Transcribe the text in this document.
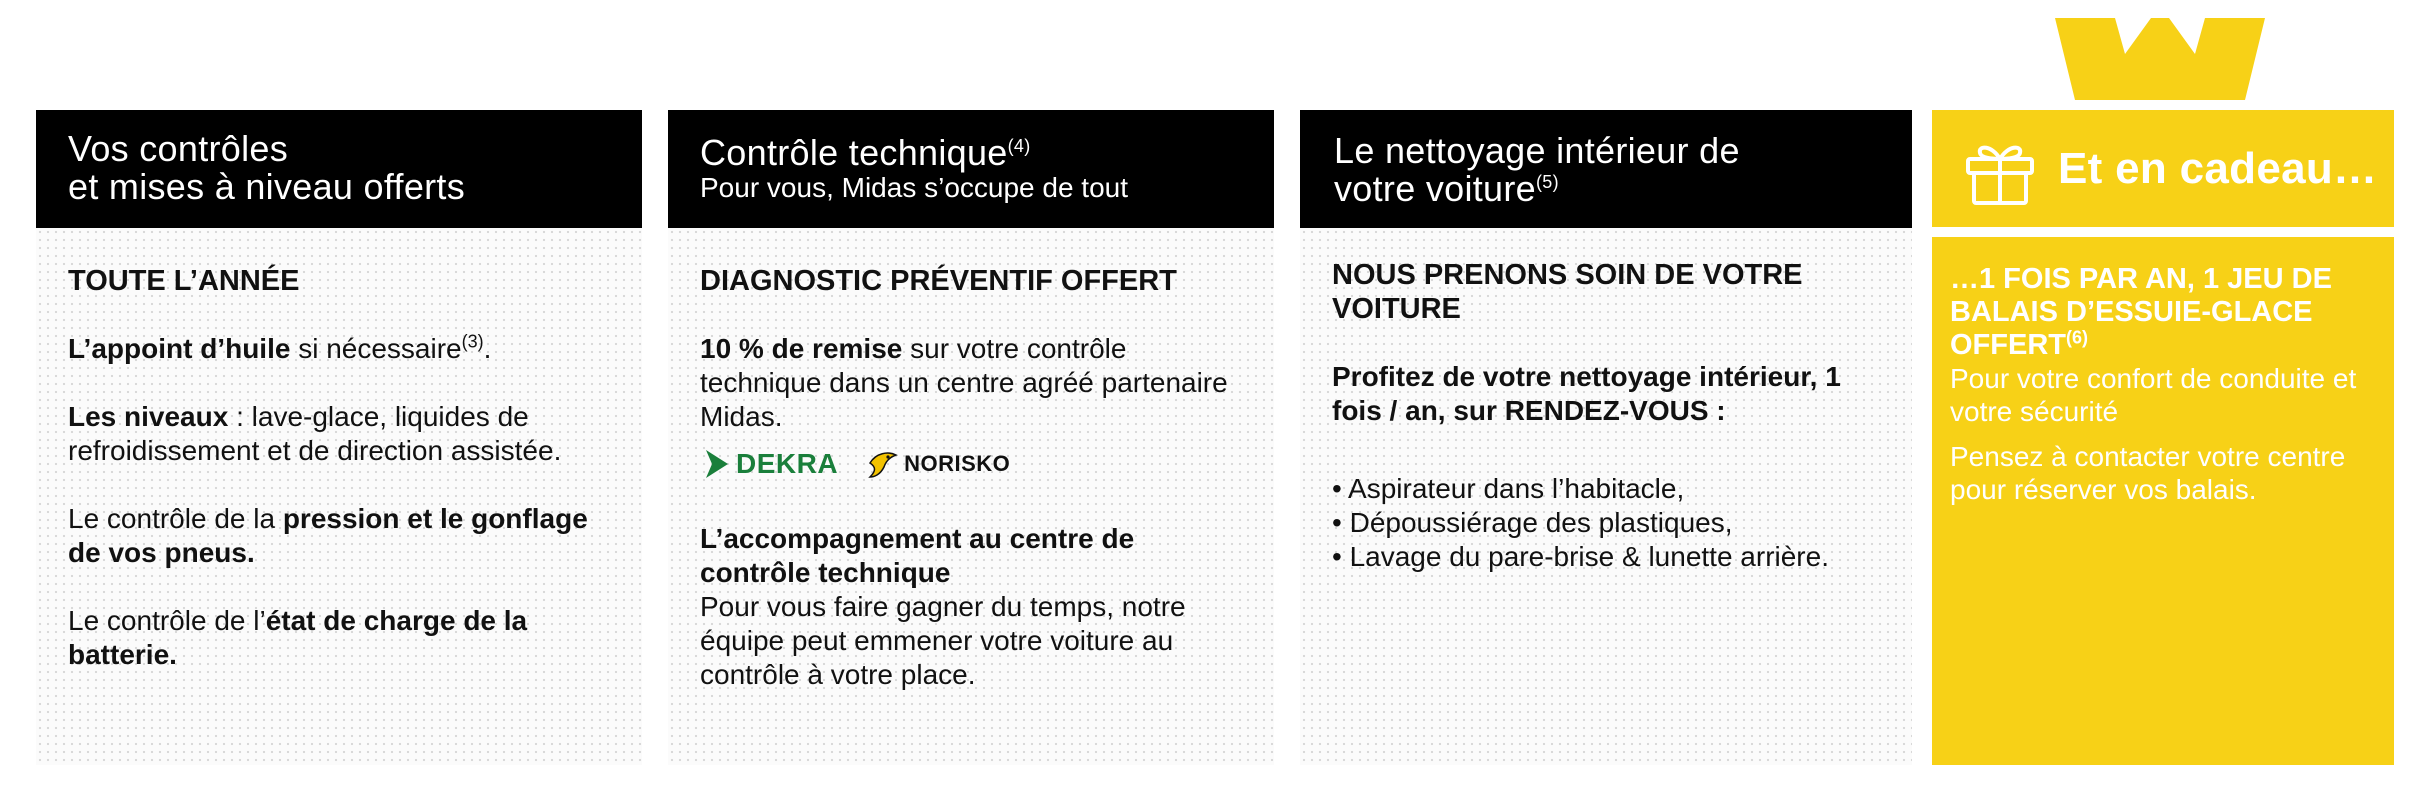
Vos contrôles
et mises à niveau offerts
TOUTE L’ANNÉE

L’appoint d’huile si nécessaire$^{(3)}$.

Les niveaux : lave-glace, liquides de refroidissement et de direction assistée.

Le contrôle de la pression et le gonflage de vos pneus.

Le contrôle de l’état de charge de la batterie.

Contrôle technique$^{(4)}$
Pour vous, Midas s’occupe de tout
DIAGNOSTIC PRÉVENTIF OFFERT

10 % de remise sur votre contrôle technique dans un centre agréé partenaire Midas.

DEKRA	NORISKO

L’accompagnement au centre de contrôle technique
Pour vous faire gagner du temps, notre équipe peut emmener votre voiture au contrôle à votre place.

Le nettoyage intérieur de
votre voiture$^{(5)}$
NOUS PRENONS SOIN DE VOTRE VOITURE

Profitez de votre nettoyage intérieur, 1 fois / an, sur RENDEZ-VOUS :

• Aspirateur dans l’habitacle,
• Dépoussiérage des plastiques,
• Lavage du pare-brise & lunette arrière.
Et en cadeau…
…1 FOIS PAR AN, 1 JEU DE BALAIS D’ESSUIE-GLACE OFFERT$^{(6)}$

Pour votre confort de conduite et votre sécurité

Pensez à contacter votre centre pour réserver vos balais.
